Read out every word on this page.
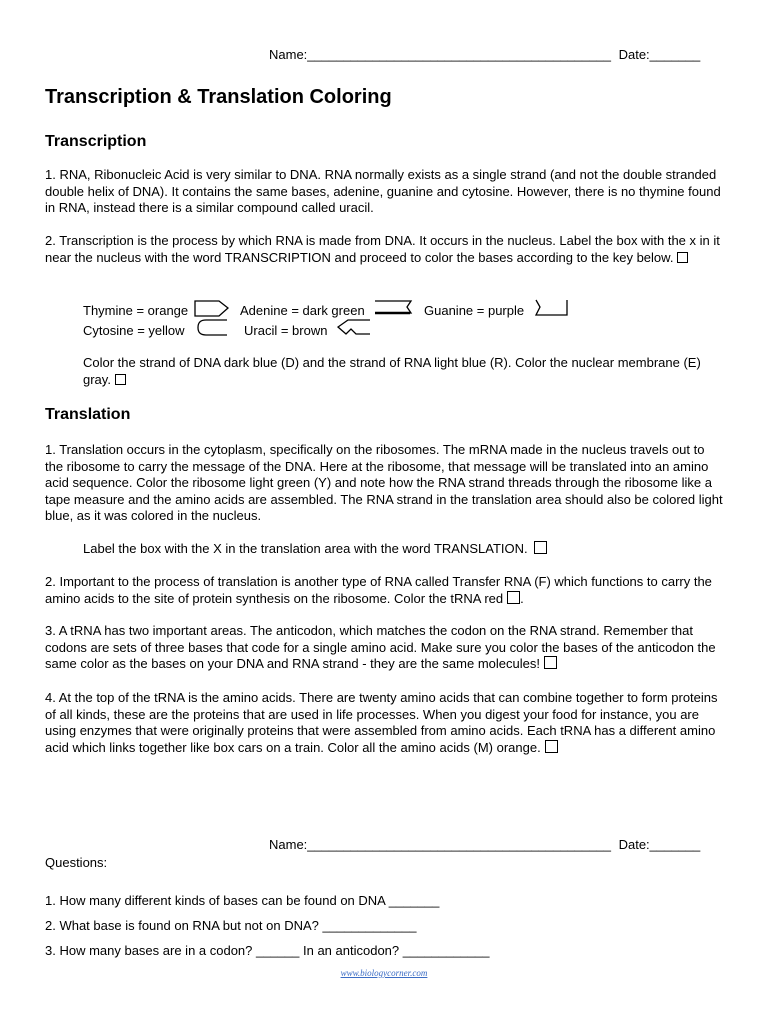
Name:__________________________________________ Date:_______
Transcription & Translation Coloring
Transcription
1. RNA, Ribonucleic Acid is very similar to DNA. RNA normally exists as a single strand (and not the double stranded double helix of DNA). It contains the same bases, adenine, guanine and cytosine. However, there is no thymine found in RNA, instead there is a similar compound called uracil.
2. Transcription is the process by which RNA is made from DNA. It occurs in the nucleus. Label the box with the x in it near the nucleus with the word TRANSCRIPTION and proceed to color the bases according to the key below.
Thymine = orange	Adenine = dark green	Guanine = purple
Cytosine = yellow	Uracil = brown
Color the strand of DNA dark blue (D) and the strand of RNA light blue (R). Color the nuclear membrane (E) gray.
Translation
1. Translation occurs in the cytoplasm, specifically on the ribosomes. The mRNA made in the nucleus travels out to the ribosome to carry the message of the DNA. Here at the ribosome, that message will be translated into an amino acid sequence. Color the ribosome light green (Y) and note how the RNA strand threads through the ribosome like a tape measure and the amino acids are assembled. The RNA strand in the translation area should also be colored light blue, as it was colored in the nucleus.
Label the box with the X in the translation area with the word TRANSLATION.
2. Important to the process of translation is another type of RNA called Transfer RNA (F) which functions to carry the amino acids to the site of protein synthesis on the ribosome. Color the tRNA red .
3. A tRNA has two important areas. The anticodon, which matches the codon on the RNA strand. Remember that codons are sets of three bases that code for a single amino acid. Make sure you color the bases of the anticodon the same color as the bases on your DNA and RNA strand - they are the same molecules!
4. At the top of the tRNA is the amino acids. There are twenty amino acids that can combine together to form proteins of all kinds, these are the proteins that are used in life processes. When you digest your food for instance, you are using enzymes that were originally proteins that were assembled from amino acids. Each tRNA has a different amino acid which links together like box cars on a train. Color all the amino acids (M) orange.
Name:__________________________________________ Date:_______
Questions:
1. How many different kinds of bases can be found on DNA _______
2. What base is found on RNA but not on DNA? _____________
3. How many bases are in a codon? ______ In an anticodon? ____________
www.biologycorner.com
